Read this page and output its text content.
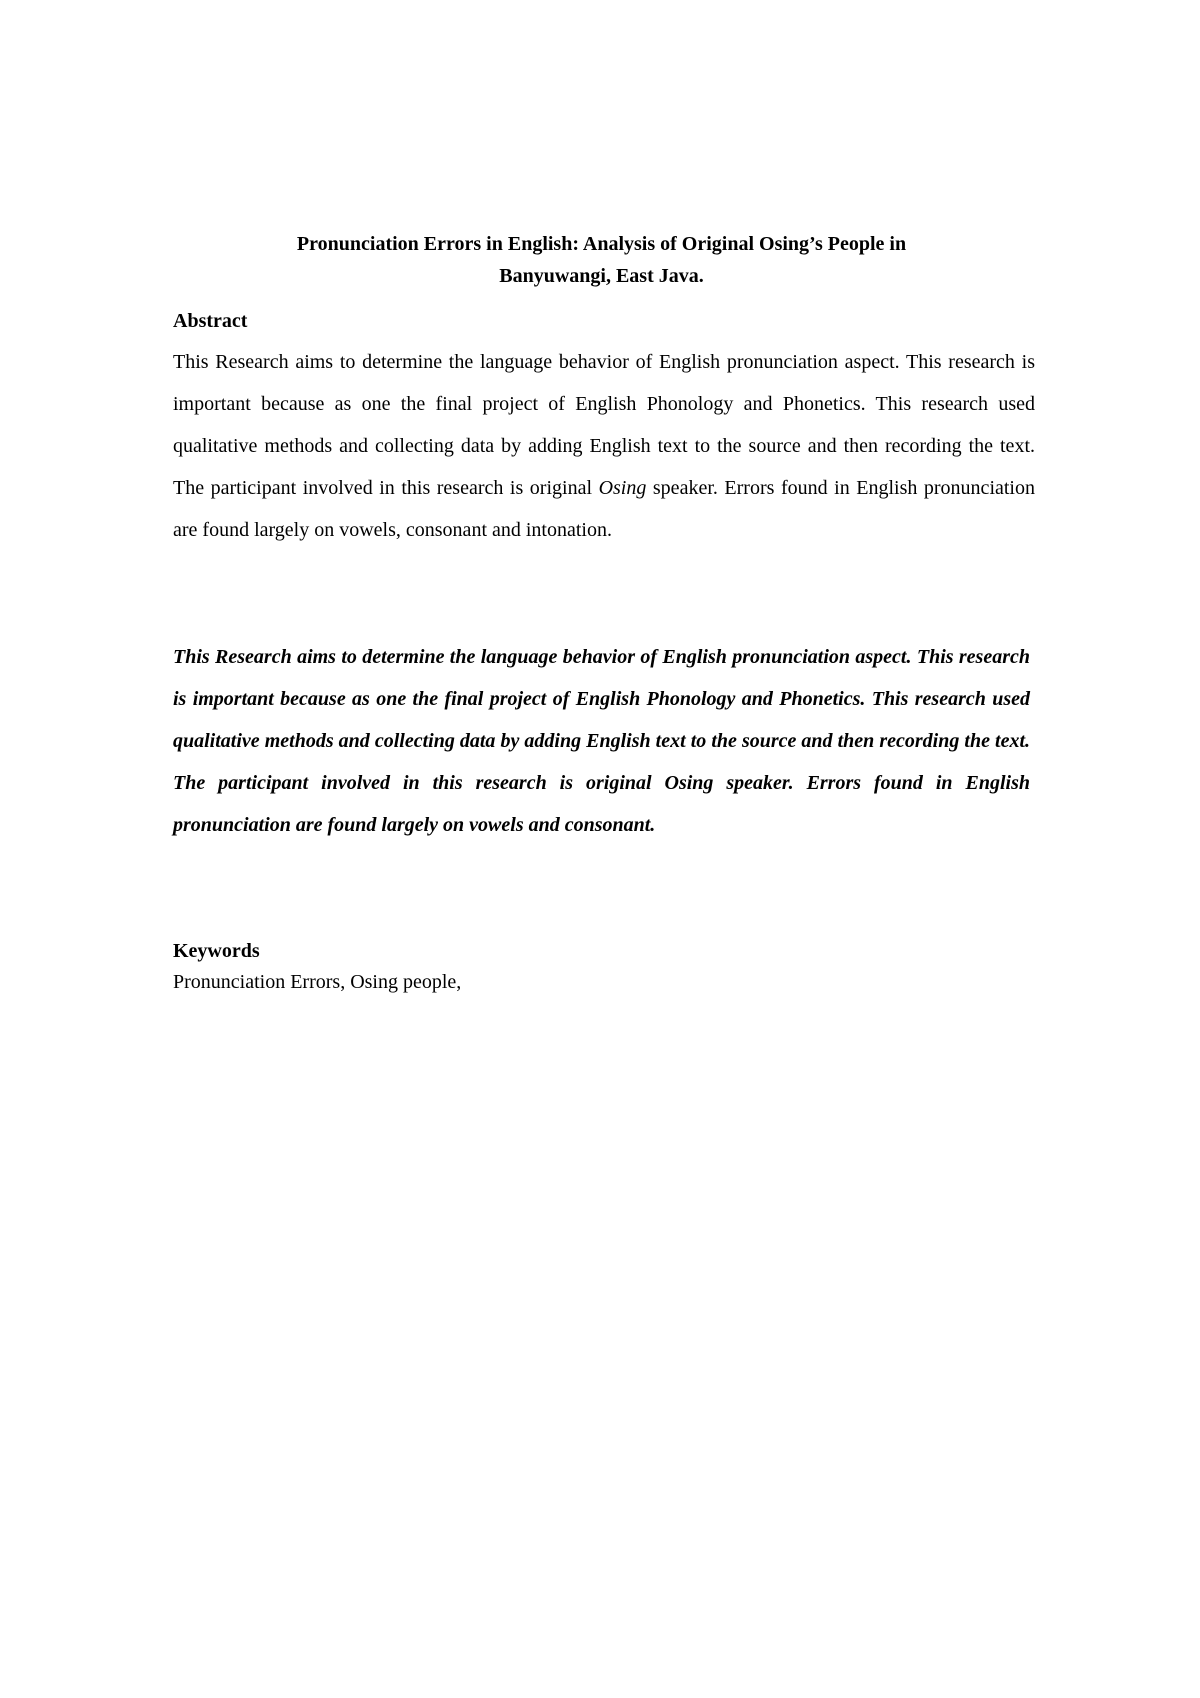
Pronunciation Errors in English: Analysis of Original Osing’s People in
Banyuwangi, East Java.
Abstract

This Research aims to determine the language behavior of English pronunciation aspect. This research is important because as one the final project of English Phonology and Phonetics. This research used qualitative methods and collecting data by adding English text to the source and then recording the text. The participant involved in this research is original Osing speaker. Errors found in English pronunciation are found largely on vowels, consonant and intonation.

This Research aims to determine the language behavior of English pronunciation aspect. This research is important because as one the final project of English Phonology and Phonetics. This research used qualitative methods and collecting data by adding English text to the source and then recording the text. The participant involved in this research is original Osing speaker. Errors found in English pronunciation are found largely on vowels and consonant.

Keywords

Pronunciation Errors, Osing people,
